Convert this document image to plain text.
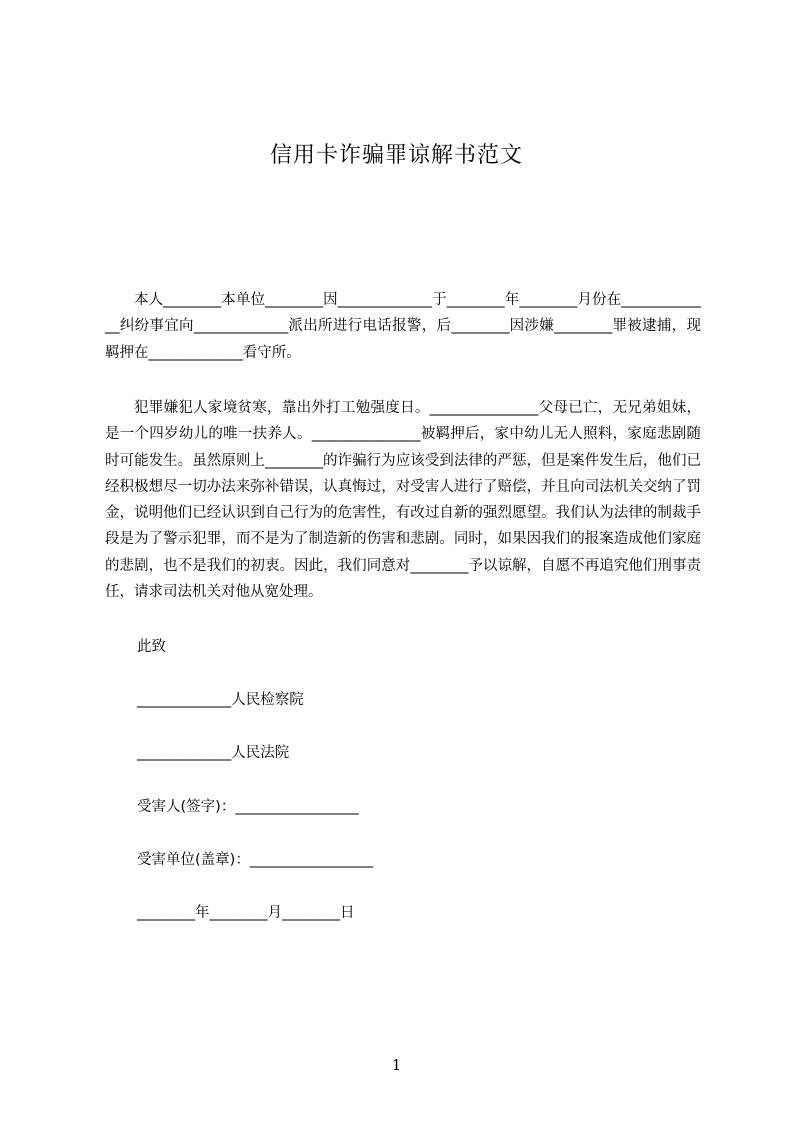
信用卡诈骗罪谅解书范文

本人________本单位________因_____________于________年________月份在_____________纠纷事宜向_____________派出所进行电话报警，后________因涉嫌________罪被逮捕，现羁押在_____________看守所。

犯罪嫌犯人家境贫寒，靠出外打工勉强度日。_______________父母已亡，无兄弟姐妹，是一个四岁幼儿的唯一扶养人。_______________被羁押后，家中幼儿无人照料，家庭悲剧随时可能发生。虽然原则上________的诈骗行为应该受到法律的严惩，但是案件发生后，他们已经积极想尽一切办法来弥补错误，认真悔过，对受害人进行了赔偿，并且向司法机关交纳了罚金，说明他们已经认识到自己行为的危害性，有改过自新的强烈愿望。我们认为法律的制裁手段是为了警示犯罪，而不是为了制造新的伤害和悲剧。同时，如果因我们的报案造成他们家庭的悲剧，也不是我们的初衷。因此，我们同意对________予以谅解，自愿不再追究他们刑事责任，请求司法机关对他从宽处理。

此致
_____________人民检察院
_____________人民法院
受害人(签字)：_________________
受害单位(盖章)：_________________
________年________月________日
1
